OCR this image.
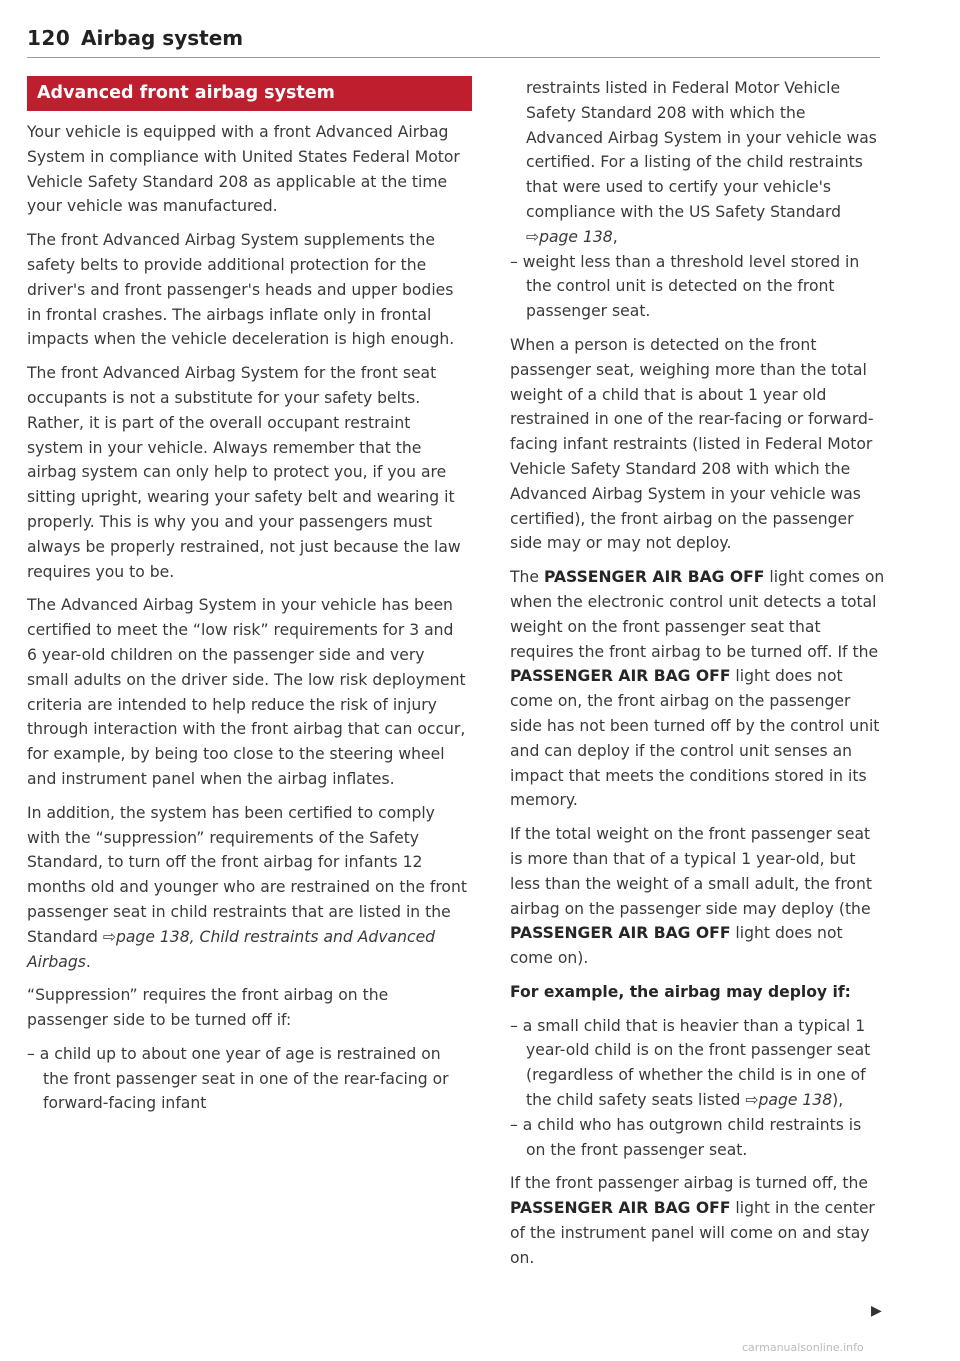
120 Airbag system
Advanced front airbag system

Your vehicle is equipped with a front Advanced Airbag System in compliance with United States Federal Motor Vehicle Safety Standard 208 as applicable at the time your vehicle was manufactured.

The front Advanced Airbag System supplements the safety belts to provide additional protection for the driver's and front passenger's heads and upper bodies in frontal crashes. The airbags inflate only in frontal impacts when the vehicle deceleration is high enough.

The front Advanced Airbag System for the front seat occupants is not a substitute for your safety belts. Rather, it is part of the overall occupant restraint system in your vehicle. Always remember that the airbag system can only help to protect you, if you are sitting upright, wearing your safety belt and wearing it properly. This is why you and your passengers must always be properly restrained, not just because the law requires you to be.

The Advanced Airbag System in your vehicle has been certified to meet the “low risk” requirements for 3 and 6 year-old children on the passenger side and very small adults on the driver side. The low risk deployment criteria are intended to help reduce the risk of injury through interaction with the front airbag that can occur, for example, by being too close to the steering wheel and instrument panel when the airbag inflates.

In addition, the system has been certified to comply with the “suppression” requirements of the Safety Standard, to turn off the front airbag for infants 12 months old and younger who are restrained on the front passenger seat in child restraints that are listed in the Standard ⇨page 138, Child restraints and Advanced Airbags.

“Suppression” requires the front airbag on the passenger side to be turned off if:

– a child up to about one year of age is restrained on the front passenger seat in one of the rear-facing or forward-facing infant
restraints listed in Federal Motor Vehicle Safety Standard 208 with which the Advanced Airbag System in your vehicle was certified. For a listing of the child restraints that were used to certify your vehicle's compliance with the US Safety Standard ⇨page 138,
– weight less than a threshold level stored in the control unit is detected on the front passenger seat.

When a person is detected on the front passenger seat, weighing more than the total weight of a child that is about 1 year old restrained in one of the rear-facing or forward-facing infant restraints (listed in Federal Motor Vehicle Safety Standard 208 with which the Advanced Airbag System in your vehicle was certified), the front airbag on the passenger side may or may not deploy.

The PASSENGER AIR BAG OFF light comes on when the electronic control unit detects a total weight on the front passenger seat that requires the front airbag to be turned off. If the PASSENGER AIR BAG OFF light does not come on, the front airbag on the passenger side has not been turned off by the control unit and can deploy if the control unit senses an impact that meets the conditions stored in its memory.

If the total weight on the front passenger seat is more than that of a typical 1 year-old, but less than the weight of a small adult, the front airbag on the passenger side may deploy (the PASSENGER AIR BAG OFF light does not come on).

For example, the airbag may deploy if:
– a small child that is heavier than a typical 1 year-old child is on the front passenger seat (regardless of whether the child is in one of the child safety seats listed ⇨page 138),
– a child who has outgrown child restraints is on the front passenger seat.

If the front passenger airbag is turned off, the PASSENGER AIR BAG OFF light in the center of the instrument panel will come on and stay on.

▶
carmanualsonline.info
